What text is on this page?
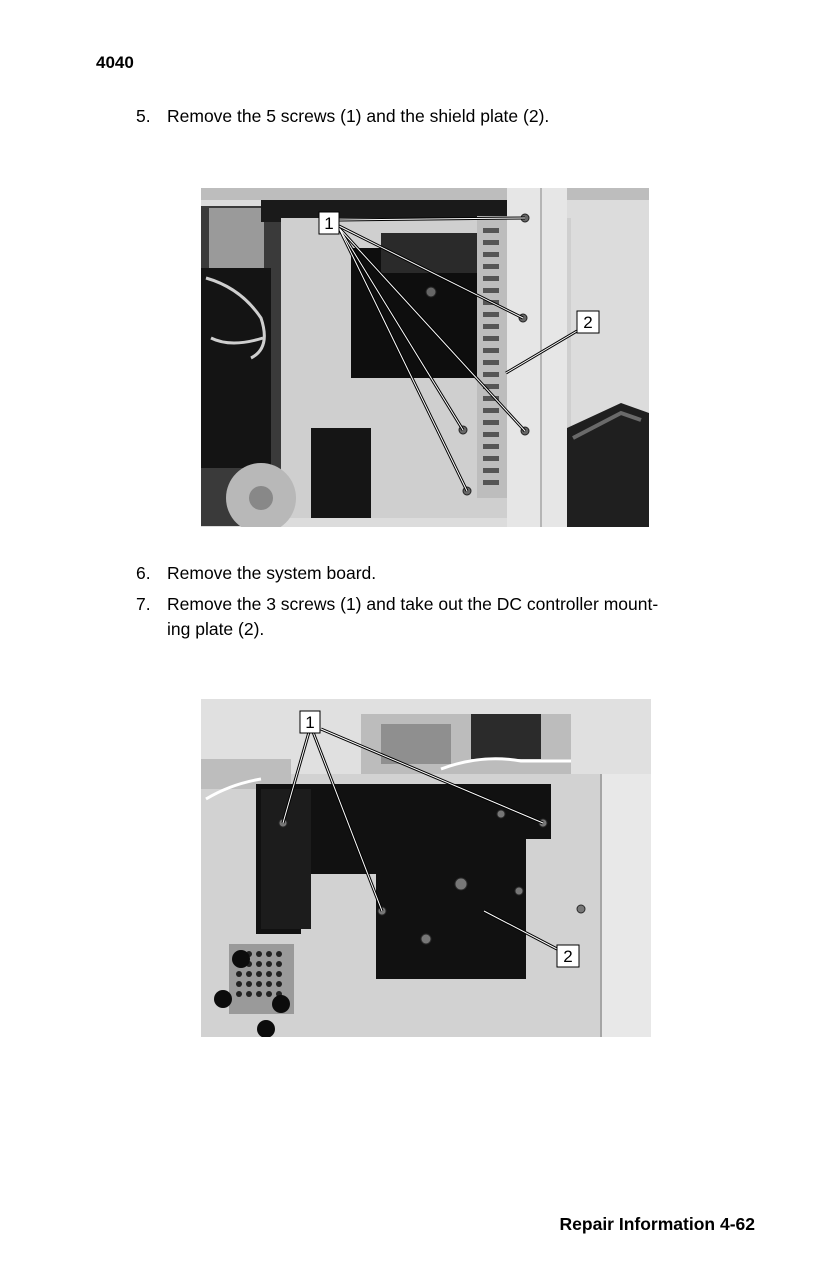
4040
5. Remove the 5 screws (1) and the shield plate (2).
1
2
6. Remove the system board.
7. Remove the 3 screws (1) and take out the DC controller mount-
ing plate (2).
1
2
Repair Information 4-62
